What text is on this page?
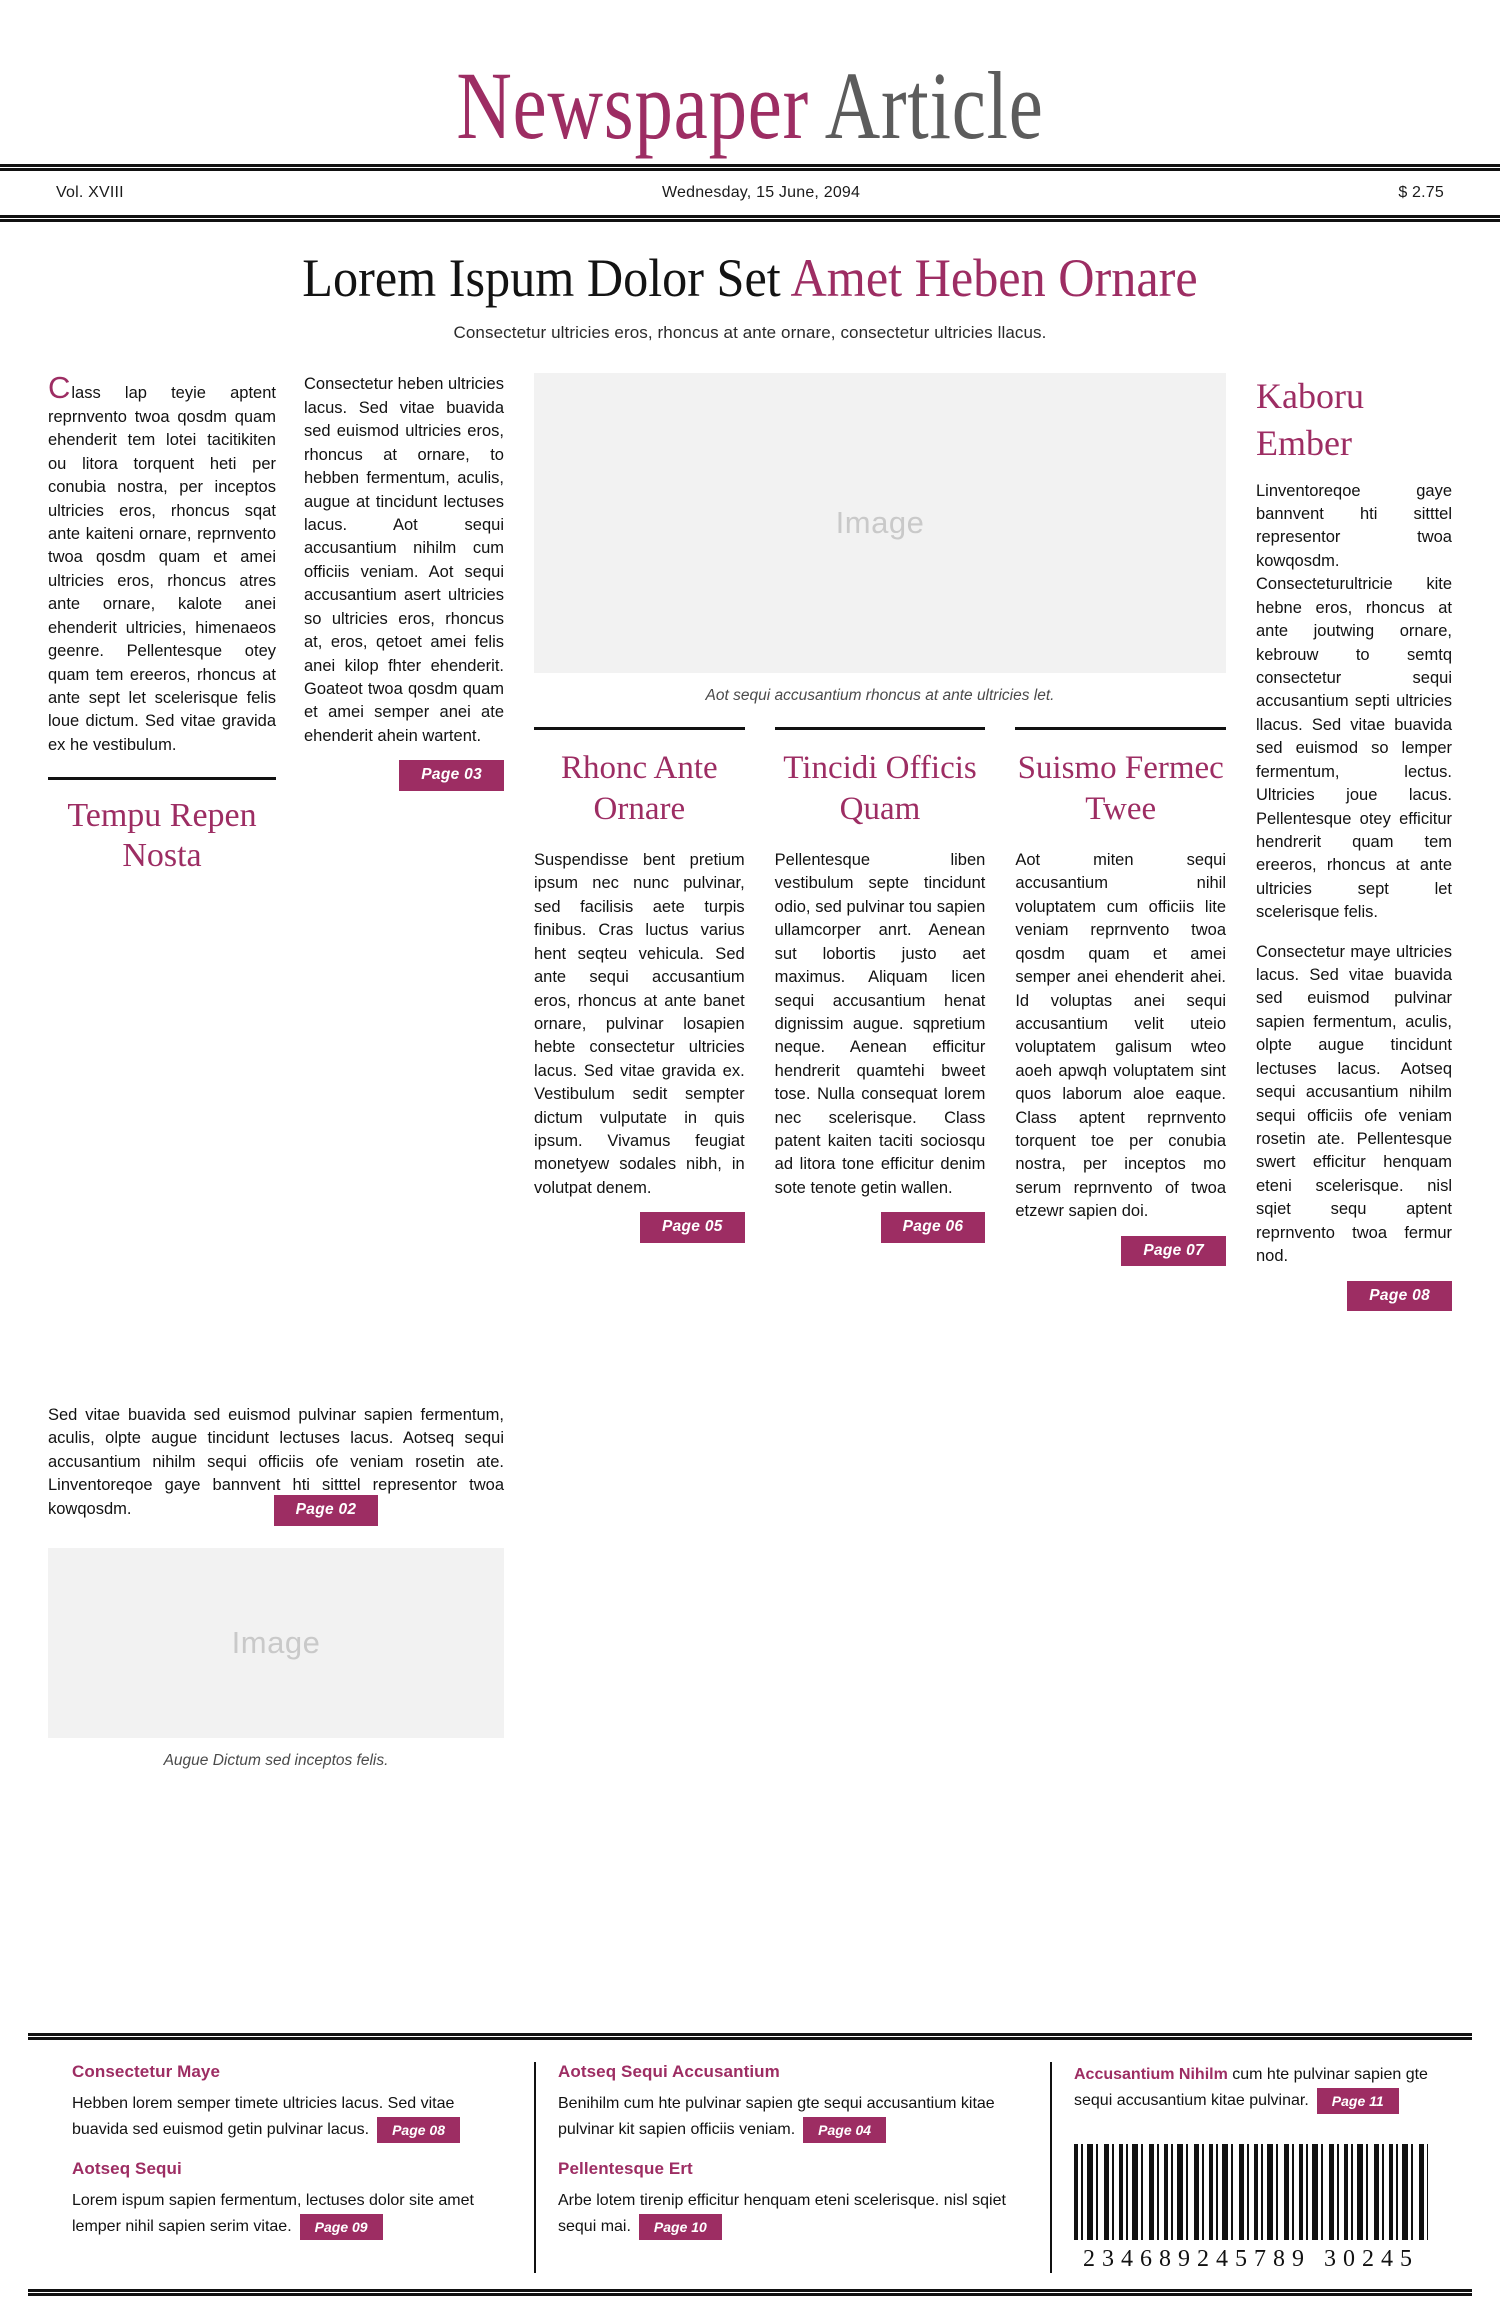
Newspaper Article
Vol. XVIII	Wednesday, 15 June, 2094	$ 2.75
Lorem Ispum Dolor Set Amet Heben Ornare
Consectetur ultricies eros, rhoncus at ante ornare, consectetur ultricies llacus.

Class lap teyie aptent reprnvento twoa qosdm quam ehenderit tem lotei tacitikiten ou litora torquent heti per conubia nostra, per inceptos ultricies eros, rhoncus sqat ante kaiteni ornare, reprnvento twoa qosdm quam et amei ultricies eros, rhoncus atres ante ornare, kalote anei ehenderit ultricies, himenaeos geenre. Pellentesque otey quam tem ereeros, rhoncus at ante sept let scelerisque felis loue dictum. Sed vitae gravida ex he vestibulum.

Tempu Repen Nosta

Consectetur heben ultricies lacus. Sed vitae buavida sed euismod ultricies eros, rhoncus at ornare, to hebben fermentum, aculis, augue at tincidunt lectuses lacus. Aot sequi accusantium nihilm cum officiis veniam. Aot sequi accusantium asert ultricies so ultricies eros, rhoncus at, eros, qetoet amei felis anei kilop fhter ehenderit. Goateot twoa qosdm quam et amei semper anei ate ehenderit ahein wartent.

Page 03
Image
Aot sequi accusantium rhoncus at ante ultricies let.
Rhonc Ante Ornare

Suspendisse bent pretium ipsum nec nunc pulvinar, sed facilisis aete turpis finibus. Cras luctus varius hent seqteu vehicula. Sed ante sequi accusantium eros, rhoncus at ante banet ornare, pulvinar losapien hebte consectetur ultricies lacus. Sed vitae gravida ex. Vestibulum sedit sempter dictum vulputate in quis ipsum. Vivamus feugiat monetyew sodales nibh, in volutpat denem.

Page 05
Tincidi Officis Quam

Pellentesque liben vestibulum septe tincidunt odio, sed pulvinar tou sapien ullamcorper anrt. Aenean sut lobortis justo aet maximus. Aliquam licen sequi accusantium henat dignissim augue. sqpretium neque. Aenean efficitur hendrerit quamtehi bweet tose. Nulla consequat lorem nec scelerisque. Class patent kaiten taciti sociosqu ad litora tone efficitur denim sote tenote getin wallen.

Page 06
Suismo Fermec Twee

Aot miten sequi accusantium nihil voluptatem cum officiis lite veniam reprnvento twoa qosdm quam et amei semper anei ehenderit ahei. Id voluptas anei sequi accusantium velit uteio voluptatem galisum wteo aoeh apwqh voluptatem sint quos laborum aloe eaque. Class aptent reprnvento torquent toe per conubia nostra, per inceptos mo serum reprnvento of twoa etzewr sapien doi.

Page 07
Kaboru Ember

Linventoreqoe gaye bannvent hti sitttel representor twoa kowqosdm. Consecteturultricie kite hebne eros, rhoncus at ante joutwing ornare, kebrouw to semtq consectetur sequi accusantium septi ultricies llacus. Sed vitae buavida sed euismod so lemper fermentum, lectus. Ultricies joue lacus. Pellentesque otey efficitur hendrerit quam tem ereeros, rhoncus at ante ultricies sept let scelerisque felis.

Consectetur maye ultricies lacus. Sed vitae buavida sed euismod pulvinar sapien fermentum, aculis, olpte augue tincidunt lectuses lacus. Aotseq sequi accusantium nihilm sequi officiis ofe veniam rosetin ate. Pellentesque swert efficitur henquam eteni scelerisque. nisl sqiet sequ aptent reprnvento twoa fermur nod.

Page 08

Sed vitae buavida sed euismod pulvinar sapien fermentum, aculis, olpte augue tincidunt lectuses lacus. Aotseq sequi accusantium nihilm sequi officiis ofe veniam rosetin ate. Linventoreqoe gaye bannvent hti sitttel representor twoa kowqosdm.	Page 02
Image
Augue Dictum sed inceptos felis.
Consectetur Maye

Hebben lorem semper timete ultricies lacus. Sed vitae buavida sed euismod getin pulvinar lacus. Page 08

Aotseq Sequi

Lorem ispum sapien fermentum, lectuses dolor site amet lemper nihil sapien serim vitae. Page 09

Aotseq Sequi Accusantium

Benihilm cum hte pulvinar sapien gte sequi accusantium kitae pulvinar kit sapien officiis veniam. Page 04

Pellentesque Ert

Arbe lotem tirenip efficitur henquam eteni scelerisque. nisl sqiet sequi mai. Page 10

Accusantium Nihilm cum hte pulvinar sapien gte sequi accusantium kitae pulvinar. Page 11

234689245789 30245
